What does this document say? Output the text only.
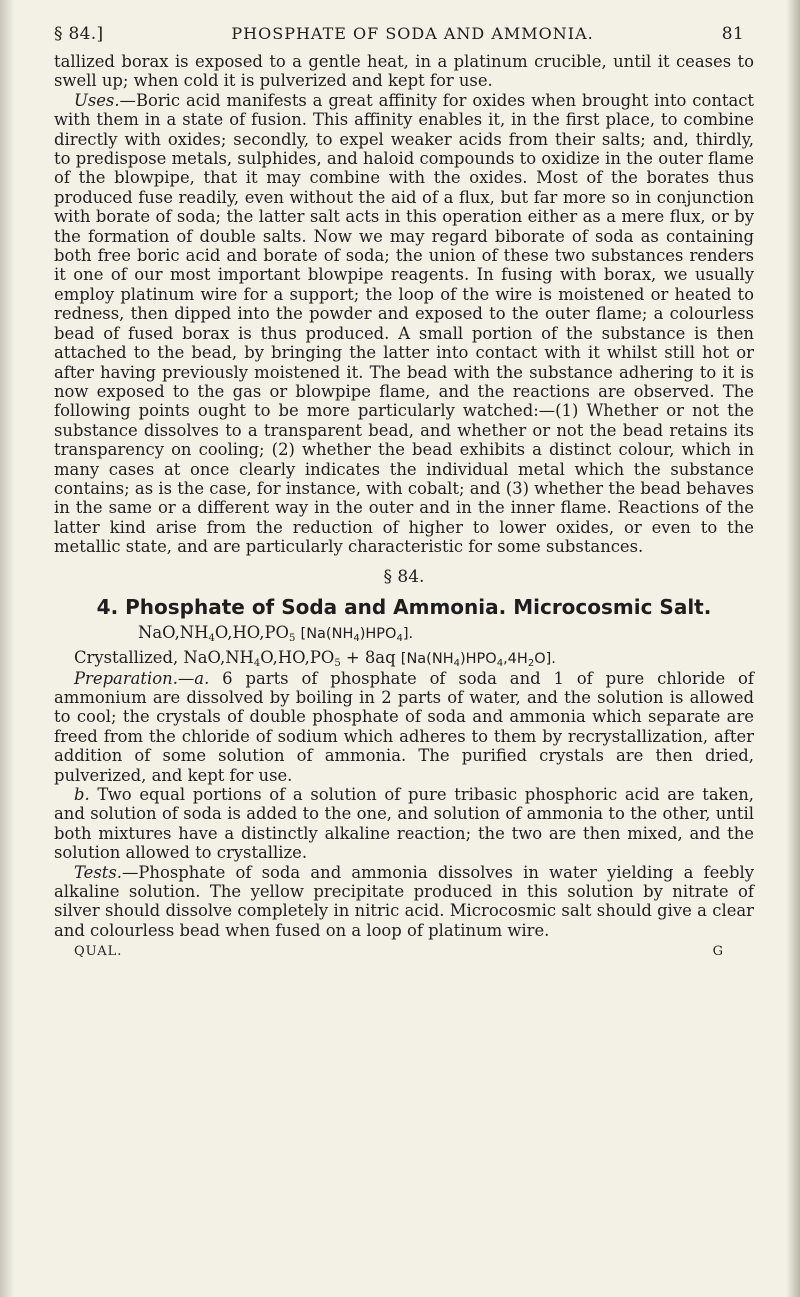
§ 84.]	PHOSPHATE OF SODA AND AMMONIA.	81

tallized borax is exposed to a gentle heat, in a platinum crucible, until it ceases to swell up; when cold it is pulverized and kept for use.

Uses.—Boric acid manifests a great affinity for oxides when brought into contact with them in a state of fusion. This affinity enables it, in the first place, to combine directly with oxides; secondly, to expel weaker acids from their salts; and, thirdly, to predispose metals, sulphides, and haloid compounds to oxidize in the outer flame of the blowpipe, that it may combine with the oxides. Most of the borates thus produced fuse readily, even without the aid of a flux, but far more so in conjunction with borate of soda; the latter salt acts in this operation either as a mere flux, or by the formation of double salts. Now we may regard biborate of soda as containing both free boric acid and borate of soda; the union of these two substances renders it one of our most important blowpipe reagents. In fusing with borax, we usually employ platinum wire for a support; the loop of the wire is moistened or heated to redness, then dipped into the powder and exposed to the outer flame; a colourless bead of fused borax is thus produced. A small portion of the substance is then attached to the bead, by bringing the latter into contact with it whilst still hot or after having previously moistened it. The bead with the substance adhering to it is now exposed to the gas or blowpipe flame, and the reactions are observed. The following points ought to be more particularly watched:—(1) Whether or not the substance dissolves to a transparent bead, and whether or not the bead retains its transparency on cooling; (2) whether the bead exhibits a distinct colour, which in many cases at once clearly indicates the individual metal which the substance contains; as is the case, for instance, with cobalt; and (3) whether the bead behaves in the same or a different way in the outer and in the inner flame. Reactions of the latter kind arise from the reduction of higher to lower oxides, or even to the metallic state, and are particularly characteristic for some substances.

§ 84.
4. Phosphate of Soda and Ammonia. Microcosmic Salt.
$NaO,NH_4O,HO,PO_5$ $[Na(NH_4)HPO_4]$.
Crystallized, $NaO,NH_4O,HO,PO_5 + 8aq$ $[Na(NH_4)HPO_4,4H_2O]$.

Preparation.—a. 6 parts of phosphate of soda and 1 of pure chloride of ammonium are dissolved by boiling in 2 parts of water, and the solution is allowed to cool; the crystals of double phosphate of soda and ammonia which separate are freed from the chloride of sodium which adheres to them by recrystallization, after addition of some solution of ammonia. The purified crystals are then dried, pulverized, and kept for use.

b. Two equal portions of a solution of pure tribasic phosphoric acid are taken, and solution of soda is added to the one, and solution of ammonia to the other, until both mixtures have a distinctly alkaline reaction; the two are then mixed, and the solution allowed to crystallize.

Tests.—Phosphate of soda and ammonia dissolves in water yielding a feebly alkaline solution. The yellow precipitate produced in this solution by nitrate of silver should dissolve completely in nitric acid. Microcosmic salt should give a clear and colourless bead when fused on a loop of platinum wire.

QUAL.	G
